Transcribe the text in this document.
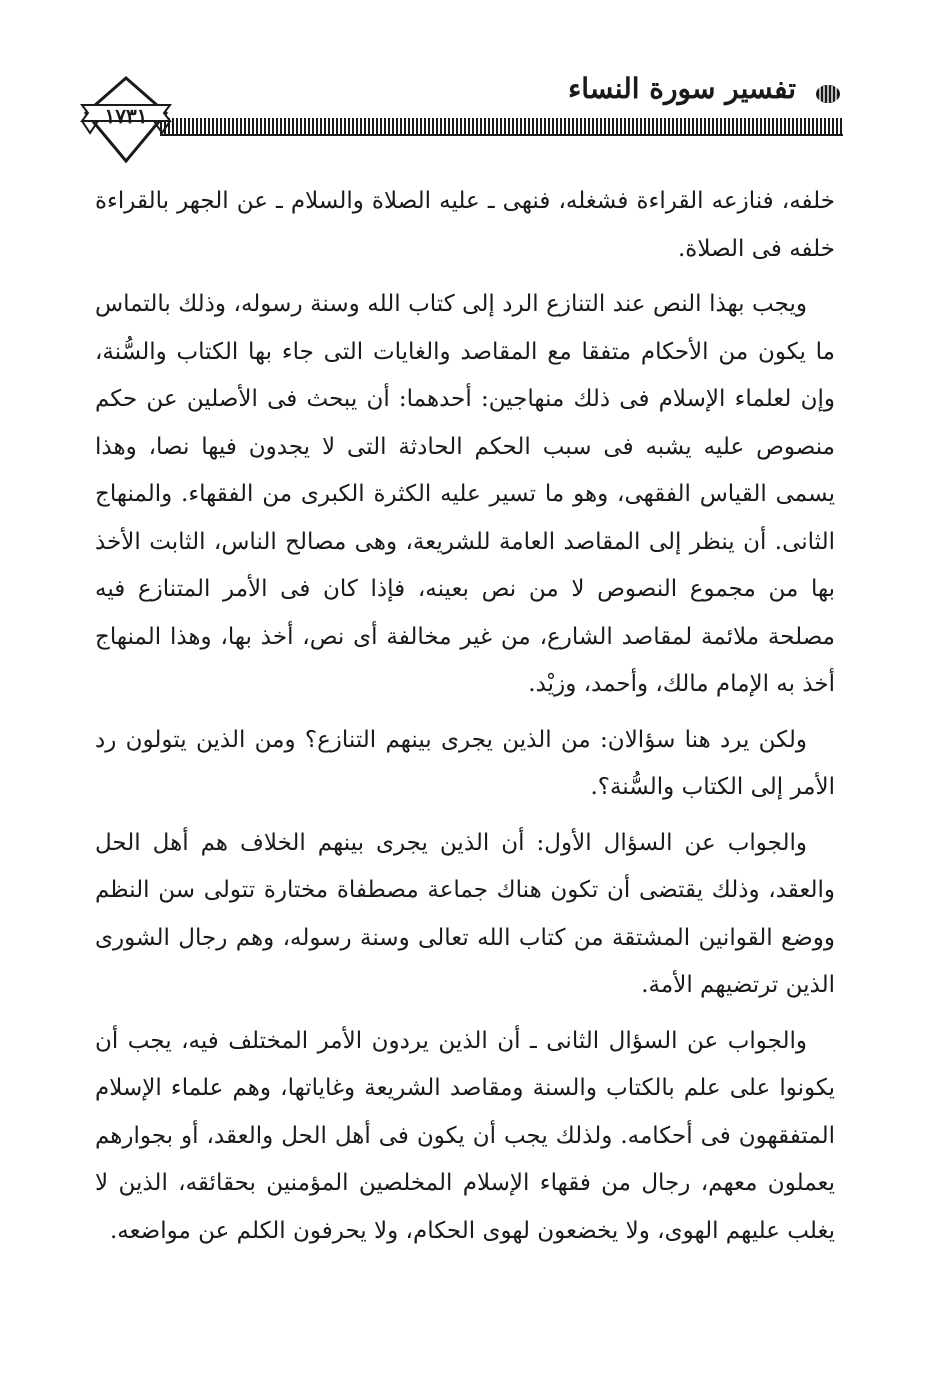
تفسير سورة النساء
١٧٣١

خلفه، فنازعه القراءة فشغله، فنهى ـ عليه الصلاة والسلام ـ عن الجهر بالقراءة خلفه فى الصلاة.

ويجب بهذا النص عند التنازع الرد إلى كتاب الله وسنة رسوله، وذلك بالتماس ما يكون من الأحكام متفقا مع المقاصد والغايات التى جاء بها الكتاب والسُّنة، وإن لعلماء الإسلام فى ذلك منهاجين: أحدهما: أن يبحث فى الأصلين عن حكم منصوص عليه يشبه فى سبب الحكم الحادثة التى لا يجدون فيها نصا، وهذا يسمى القياس الفقهى، وهو ما تسير عليه الكثرة الكبرى من الفقهاء. والمنهاج الثانى. أن ينظر إلى المقاصد العامة للشريعة، وهى مصالح الناس، الثابت الأخذ بها من مجموع النصوص لا من نص بعينه، فإذا كان فى الأمر المتنازع فيه مصلحة ملائمة لمقاصد الشارع، من غير مخالفة أى نص، أخذ بها، وهذا المنهاج أخذ به الإمام مالك، وأحمد، وزيْد.

ولكن يرد هنا سؤالان: من الذين يجرى بينهم التنازع؟ ومن الذين يتولون رد الأمر إلى الكتاب والسُّنة؟.

والجواب عن السؤال الأول: أن الذين يجرى بينهم الخلاف هم أهل الحل والعقد، وذلك يقتضى أن تكون هناك جماعة مصطفاة مختارة تتولى سن النظم ووضع القوانين المشتقة من كتاب الله تعالى وسنة رسوله، وهم رجال الشورى الذين ترتضيهم الأمة.

والجواب عن السؤال الثانى ـ أن الذين يردون الأمر المختلف فيه، يجب أن يكونوا على علم بالكتاب والسنة ومقاصد الشريعة وغاياتها، وهم علماء الإسلام المتفقهون فى أحكامه. ولذلك يجب أن يكون فى أهل الحل والعقد، أو بجوارهم يعملون معهم، رجال من فقهاء الإسلام المخلصين المؤمنين بحقائقه، الذين لا يغلب عليهم الهوى، ولا يخضعون لهوى الحكام، ولا يحرفون الكلم عن مواضعه.
